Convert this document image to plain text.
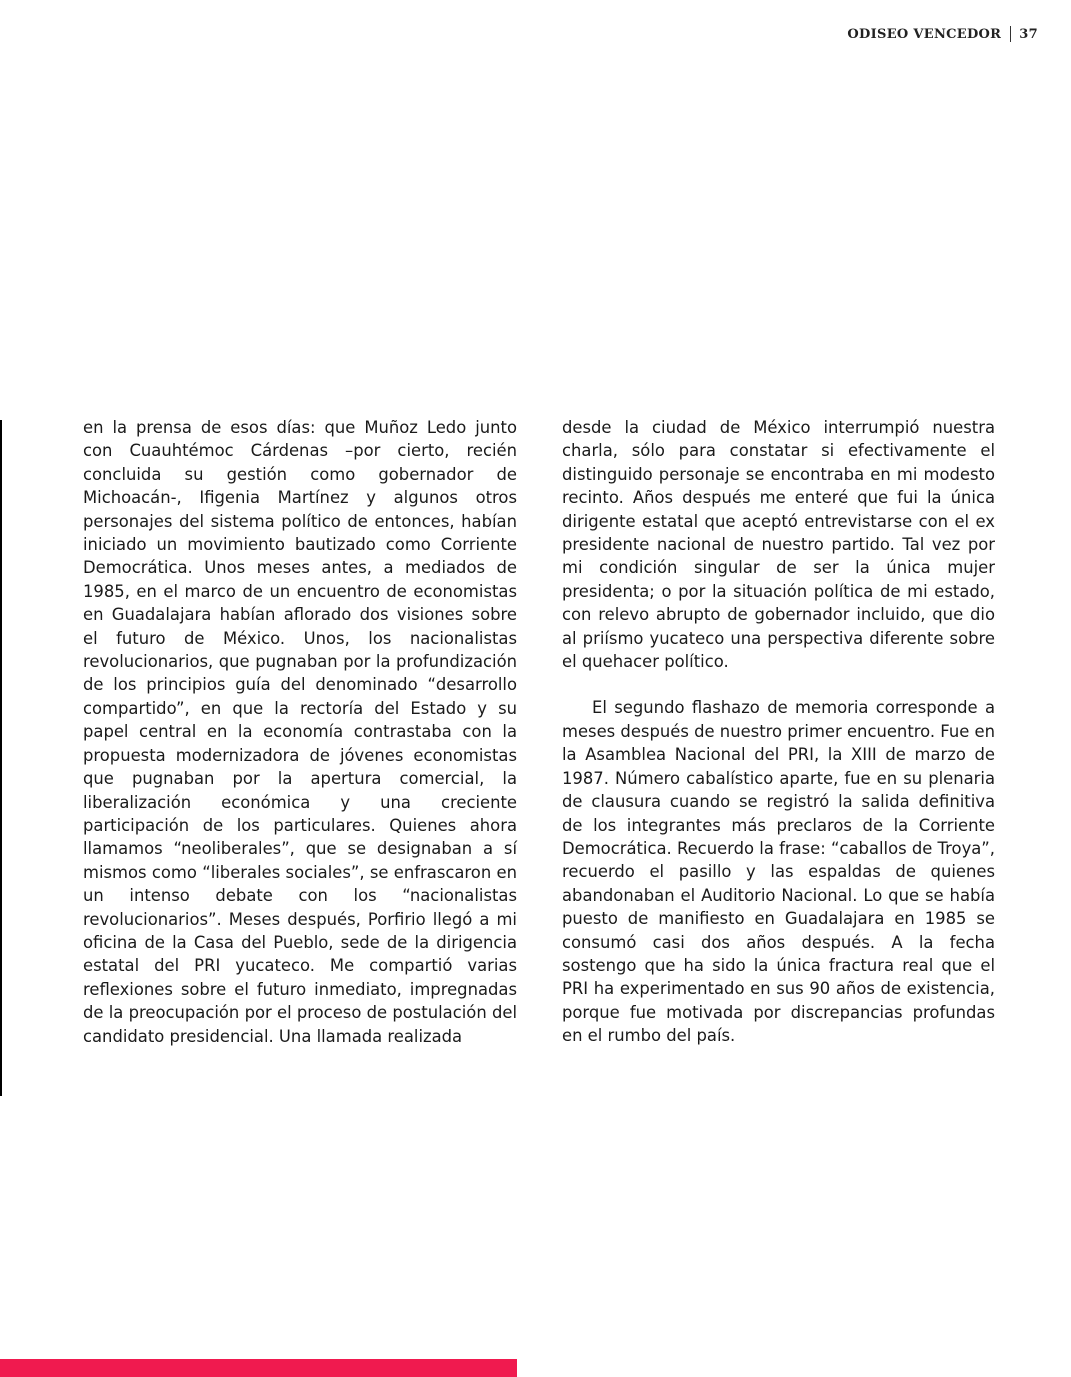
ODISEO VENCEDOR 37

en la prensa de esos días: que Muñoz Ledo junto con Cuauhtémoc Cárdenas –por cierto, recién concluida su gestión como gobernador de Michoacán-, Ifigenia Martínez y algunos otros personajes del sistema político de entonces, habían iniciado un movimiento bautizado como Corriente Democrática. Unos meses antes, a mediados de 1985, en el marco de un encuentro de economistas en Guadalajara habían aflorado dos visiones sobre el futuro de México. Unos, los nacionalistas revolucionarios, que pugnaban por la profundización de los principios guía del denominado “desarrollo compartido”, en que la rectoría del Estado y su papel central en la economía contrastaba con la propuesta modernizadora de jóvenes economistas que pugnaban por la apertura comercial, la liberalización económica y una creciente participación de los particulares. Quienes ahora llamamos “neoliberales”, que se designaban a sí mismos como “liberales sociales”, se enfrascaron en un intenso debate con los “nacionalistas revolucionarios”. Meses después, Porfirio llegó a mi oficina de la Casa del Pueblo, sede de la dirigencia estatal del PRI yucateco. Me compartió varias reflexiones sobre el futuro inmediato, impregnadas de la preocupación por el proceso de postulación del candidato presidencial. Una llamada realizada

desde la ciudad de México interrumpió nuestra charla, sólo para constatar si efectivamente el distinguido personaje se encontraba en mi modesto recinto. Años después me enteré que fui la única dirigente estatal que aceptó entrevistarse con el ex presidente nacional de nuestro partido. Tal vez por mi condición singular de ser la única mujer presidenta; o por la situación política de mi estado, con relevo abrupto de gobernador incluido, que dio al priísmo yucateco una perspectiva diferente sobre el quehacer político.

El segundo flashazo de memoria corresponde a meses después de nuestro primer encuentro. Fue en la Asamblea Nacional del PRI, la XIII de marzo de 1987. Número cabalístico aparte, fue en su plenaria de clausura cuando se registró la salida definitiva de los integrantes más preclaros de la Corriente Democrática. Recuerdo la frase: “caballos de Troya”, recuerdo el pasillo y las espaldas de quienes abandonaban el Auditorio Nacional. Lo que se había puesto de manifiesto en Guadalajara en 1985 se consumó casi dos años después. A la fecha sostengo que ha sido la única fractura real que el PRI ha experimentado en sus 90 años de existencia, porque fue motivada por discrepancias profundas en el rumbo del país.
